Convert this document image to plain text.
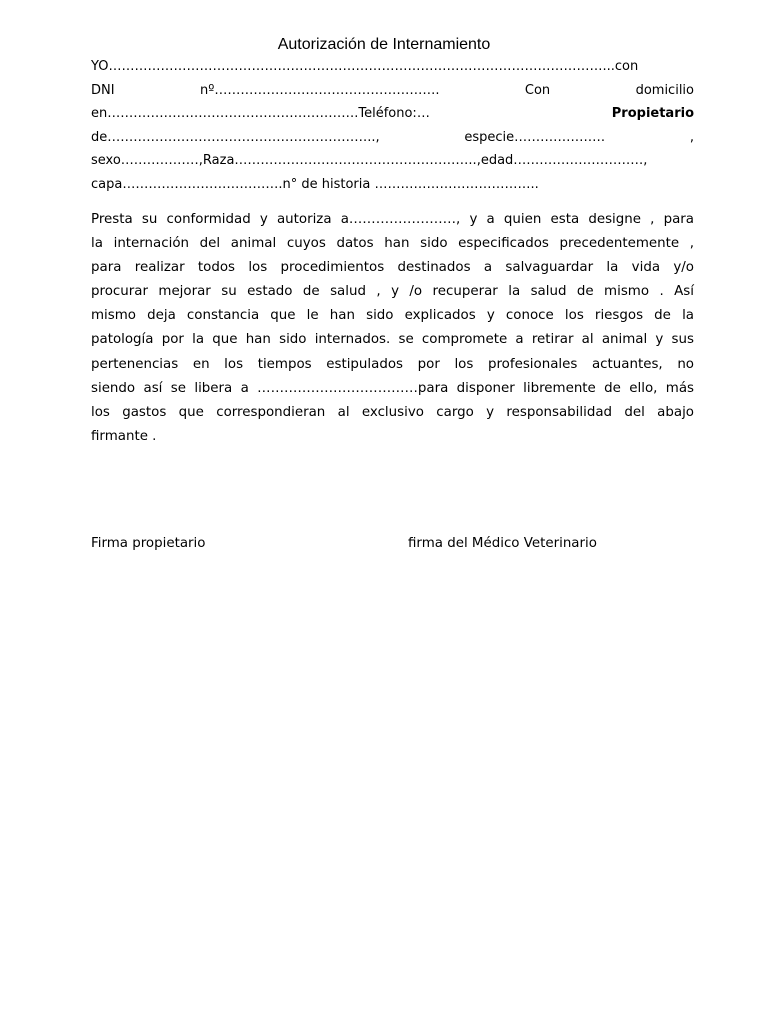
Autorización de Internamiento
YO……………………………………………………………………………………………………...con
DNI	nº…………………………………………….	Con	domicilio
en………………………………………………….Teléfono:…	Propietario
de……………………………………………………..,	especie…………………	,
sexo………………,Raza………………………………………………..,edad…………………………,
capa……………………………….n° de historia ………………………………..
Presta su conformidad y autoriza a……………………, y a quien esta designe , para
la internación del animal cuyos datos han sido especificados precedentemente ,
para realizar todos los procedimientos destinados a salvaguardar la vida y/o
procurar mejorar su estado de salud , y /o recuperar la salud de mismo . Así
mismo deja constancia que le han sido explicados y conoce los riesgos de la
patología por la que han sido internados. se compromete a retirar al animal y sus
pertenencias en los tiempos estipulados por los profesionales actuantes, no
siendo así se libera a ………………………………para disponer libremente de ello, más
los gastos que correspondieran al exclusivo cargo y responsabilidad del abajo
firmante .
Firma propietario	firma del Médico Veterinario
